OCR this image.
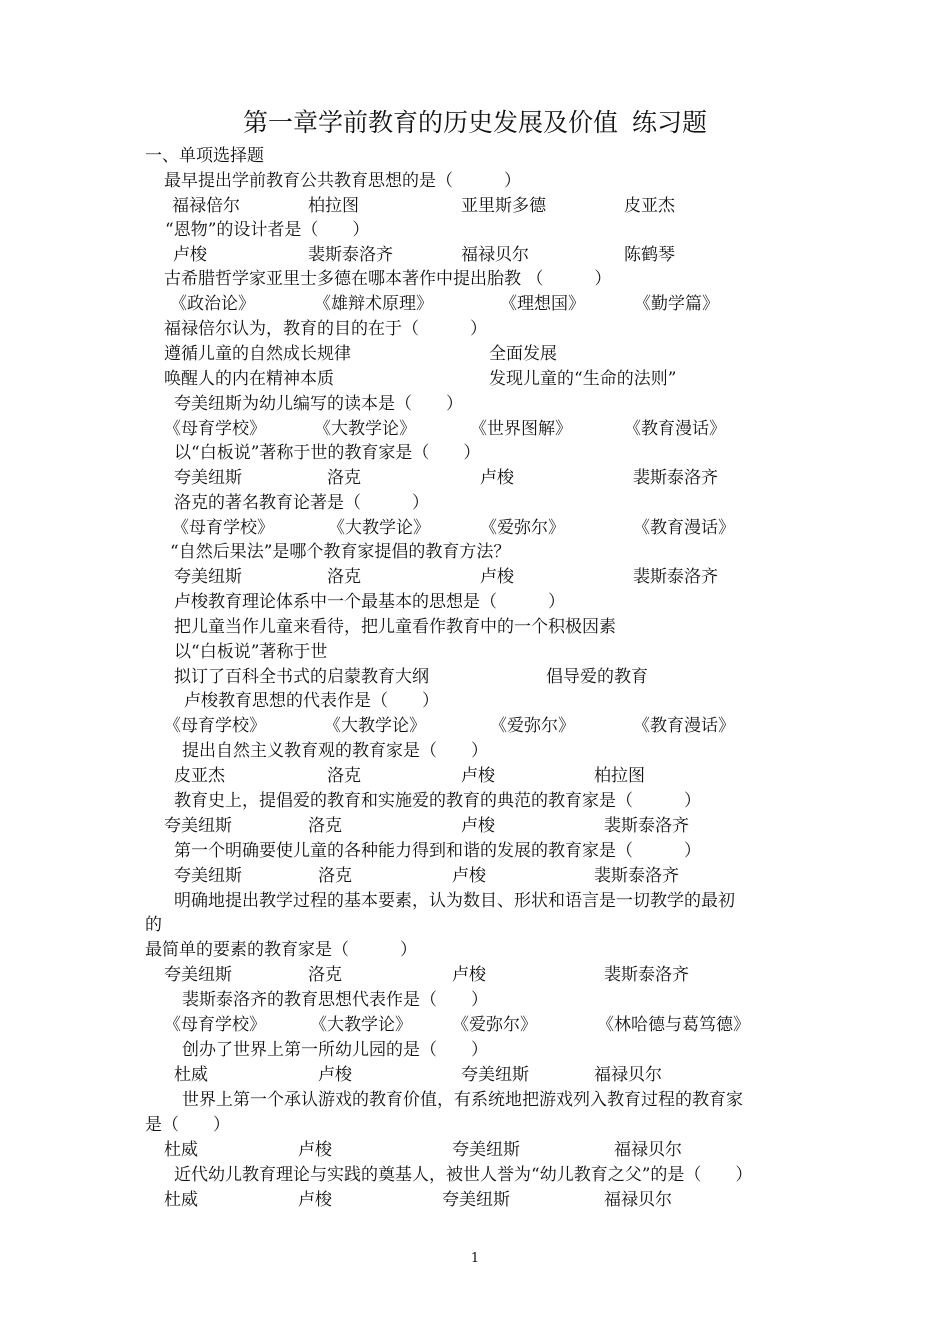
第一章学前教育的历史发展及价值 练习题
一、单项选择题
最早提出学前教育公共教育思想的是（　　　）
福禄倍尔	柏拉图	亚里斯多德	皮亚杰
“恩物”的设计者是（　　）
卢梭	裴斯泰洛齐	福禄贝尔	陈鹤琴
古希腊哲学家亚里士多德在哪本著作中提出胎教 （　　　）
《政治论》	《雄辩术原理》	《理想国》	《勤学篇》
福禄倍尔认为，教育的目的在于（　　　）
遵循儿童的自然成长规律	全面发展
唤醒人的内在精神本质	发现儿童的“生命的法则”
夸美纽斯为幼儿编写的读本是（　　）
《母育学校》	《大教学论》	《世界图解》	《教育漫话》
以“白板说”著称于世的教育家是（　　）
夸美纽斯	洛克	卢梭	裴斯泰洛齐
洛克的著名教育论著是（　　　）
《母育学校》	《大教学论》	《爱弥尔》	《教育漫话》
“自然后果法”是哪个教育家提倡的教育方法？
夸美纽斯	洛克	卢梭	裴斯泰洛齐
卢梭教育理论体系中一个最基本的思想是（　　　）
把儿童当作儿童来看待，把儿童看作教育中的一个积极因素
以“白板说”著称于世
拟订了百科全书式的启蒙教育大纲	倡导爱的教育
卢梭教育思想的代表作是（　　）
《母育学校》	《大教学论》	《爱弥尔》	《教育漫话》
提出自然主义教育观的教育家是（　　）
皮亚杰	洛克	卢梭	柏拉图
教育史上，提倡爱的教育和实施爱的教育的典范的教育家是（　　　）
夸美纽斯	洛克	卢梭	裴斯泰洛齐
第一个明确要使儿童的各种能力得到和谐的发展的教育家是（　　　）
夸美纽斯	洛克	卢梭	裴斯泰洛齐
明确地提出教学过程的基本要素，认为数目、形状和语言是一切教学的最初
的
最简单的要素的教育家是（　　　）
夸美纽斯	洛克	卢梭	裴斯泰洛齐
裴斯泰洛齐的教育思想代表作是（　　）
《母育学校》	《大教学论》 《爱弥尔》	《林哈德与葛笃德》
创办了世界上第一所幼儿园的是（　　）
杜威	卢梭	夸美纽斯	福禄贝尔
世界上第一个承认游戏的教育价值，有系统地把游戏列入教育过程的教育家
是（　　）
杜威	卢梭	夸美纽斯	福禄贝尔
近代幼儿教育理论与实践的奠基人，被世人誉为“幼儿教育之父”的是（　　）
杜威	卢梭	夸美纽斯	福禄贝尔
1
